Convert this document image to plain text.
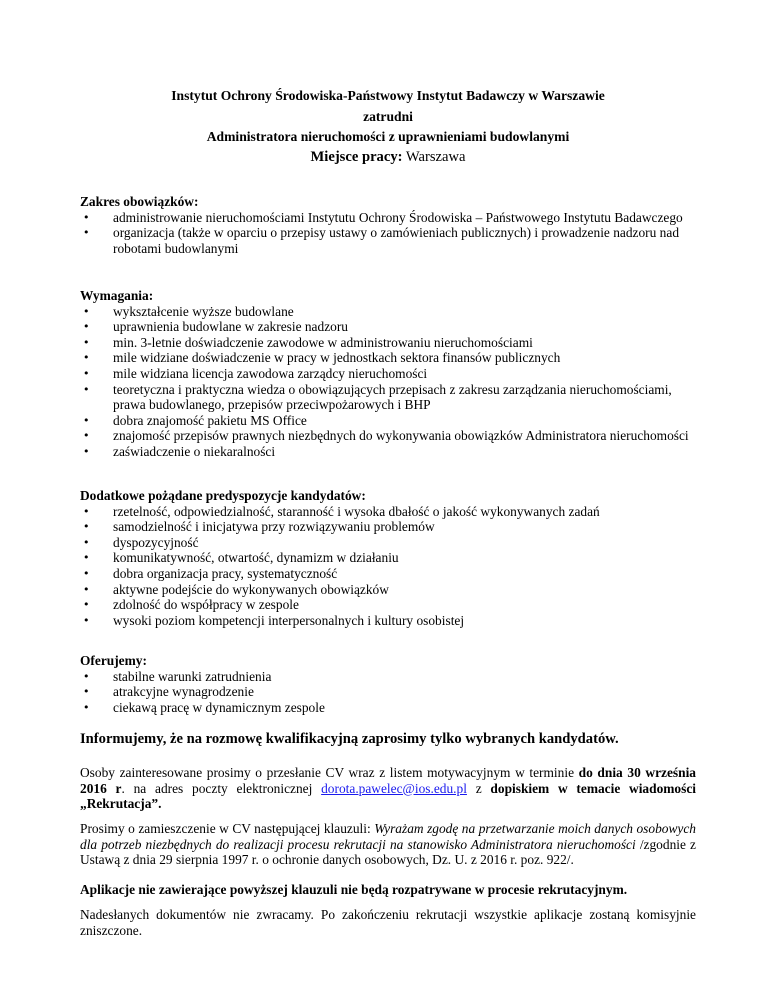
Instytut Ochrony Środowiska-Państwowy Instytut Badawczy w Warszawie
zatrudni
Administratora nieruchomości z uprawnieniami budowlanymi
Miejsce pracy: Warszawa
Zakres obowiązków:
• administrowanie nieruchomościami Instytutu Ochrony Środowiska – Państwowego Instytutu Badawczego
• organizacja (także w oparciu o przepisy ustawy o zamówieniach publicznych) i prowadzenie nadzoru nad robotami budowlanymi
Wymagania:
• wykształcenie wyższe budowlane
• uprawnienia budowlane w zakresie nadzoru
• min. 3-letnie doświadczenie zawodowe w administrowaniu nieruchomościami
• mile widziane doświadczenie w pracy w jednostkach sektora finansów publicznych
• mile widziana licencja zawodowa zarządcy nieruchomości
• teoretyczna i praktyczna wiedza o obowiązujących przepisach z zakresu zarządzania nieruchomościami, prawa budowlanego, przepisów przeciwpożarowych i BHP
• dobra znajomość pakietu MS Office
• znajomość przepisów prawnych niezbędnych do wykonywania obowiązków Administratora nieruchomości
• zaświadczenie o niekaralności
Dodatkowe pożądane predyspozycje kandydatów:
• rzetelność, odpowiedzialność, staranność i wysoka dbałość o jakość wykonywanych zadań
• samodzielność i inicjatywa przy rozwiązywaniu problemów
• dyspozycyjność
• komunikatywność, otwartość, dynamizm w działaniu
• dobra organizacja pracy, systematyczność
• aktywne podejście do wykonywanych obowiązków
• zdolność do współpracy w zespole
• wysoki poziom kompetencji interpersonalnych i kultury osobistej
Oferujemy:
• stabilne warunki zatrudnienia
• atrakcyjne wynagrodzenie
• ciekawą pracę w dynamicznym zespole
Informujemy, że na rozmowę kwalifikacyjną zaprosimy tylko wybranych kandydatów.
Osoby zainteresowane prosimy o przesłanie CV wraz z listem motywacyjnym w terminie do dnia 30 września 2016 r. na adres poczty elektronicznej dorota.pawelec@ios.edu.pl z dopiskiem w temacie wiadomości „Rekrutacja”.
Prosimy o zamieszczenie w CV następującej klauzuli: Wyrażam zgodę na przetwarzanie moich danych osobowych dla potrzeb niezbędnych do realizacji procesu rekrutacji na stanowisko Administratora nieruchomości /zgodnie z Ustawą z dnia 29 sierpnia 1997 r. o ochronie danych osobowych, Dz. U. z 2016 r. poz. 922/.
Aplikacje nie zawierające powyższej klauzuli nie będą rozpatrywane w procesie rekrutacyjnym.
Nadesłanych dokumentów nie zwracamy. Po zakończeniu rekrutacji wszystkie aplikacje zostaną komisyjnie zniszczone.
